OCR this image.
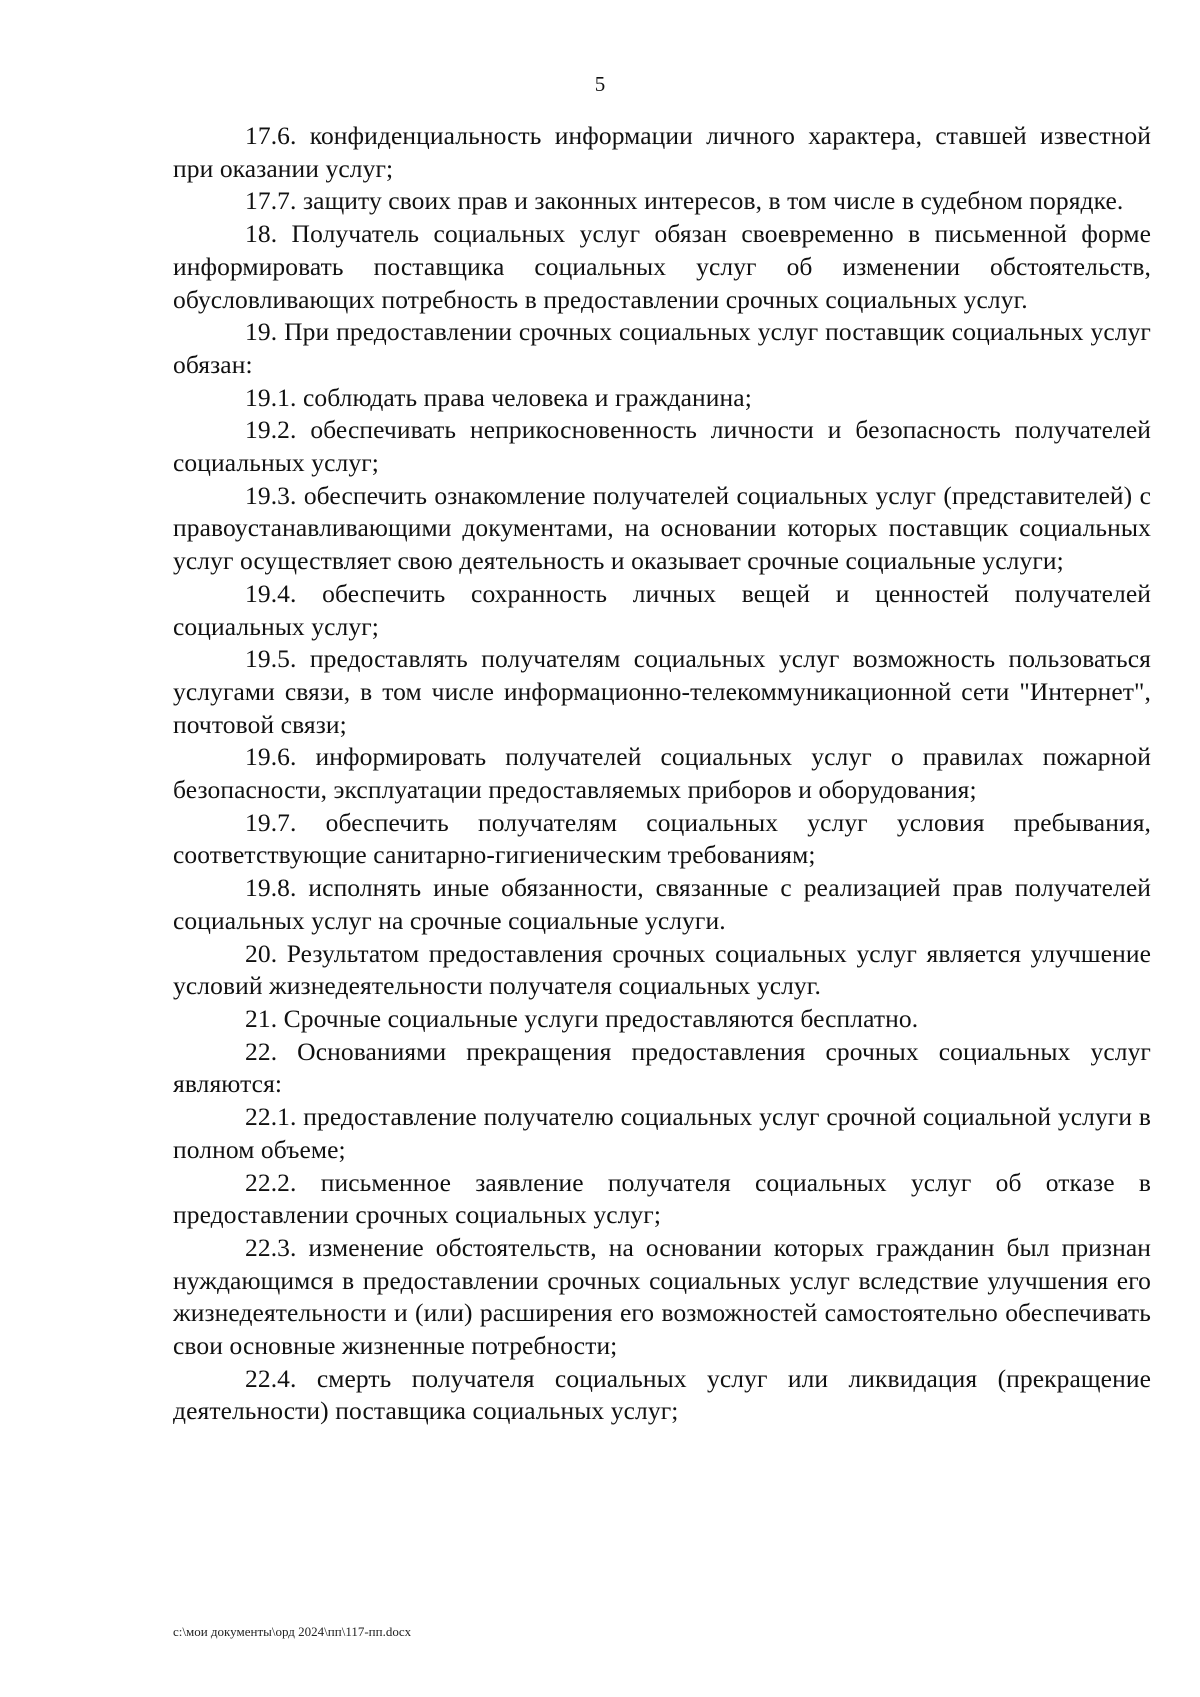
5

17.6. конфиденциальность информации личного характера, ставшей известной при оказании услуг;

17.7. защиту своих прав и законных интересов, в том числе в судебном порядке.

18. Получатель социальных услуг обязан своевременно в письменной форме информировать поставщика социальных услуг об изменении обстоятельств, обусловливающих потребность в предоставлении срочных социальных услуг.

19. При предоставлении срочных социальных услуг поставщик социальных услуг обязан:

19.1. соблюдать права человека и гражданина;

19.2. обеспечивать неприкосновенность личности и безопасность получателей социальных услуг;

19.3. обеспечить ознакомление получателей социальных услуг (представителей) с правоустанавливающими документами, на основании которых поставщик социальных услуг осуществляет свою деятельность и оказывает срочные социальные услуги;

19.4. обеспечить сохранность личных вещей и ценностей получателей социальных услуг;

19.5. предоставлять получателям социальных услуг возможность пользоваться услугами связи, в том числе информационно-телекоммуникационной сети "Интернет", почтовой связи;

19.6. информировать получателей социальных услуг о правилах пожарной безопасности, эксплуатации предоставляемых приборов и оборудования;

19.7. обеспечить получателям социальных услуг условия пребывания, соответствующие санитарно-гигиеническим требованиям;

19.8. исполнять иные обязанности, связанные с реализацией прав получателей социальных услуг на срочные социальные услуги.

20. Результатом предоставления срочных социальных услуг является улучшение условий жизнедеятельности получателя социальных услуг.

21. Срочные социальные услуги предоставляются бесплатно.

22. Основаниями прекращения предоставления срочных социальных услуг являются:

22.1. предоставление получателю социальных услуг срочной социальной услуги в полном объеме;

22.2. письменное заявление получателя социальных услуг об отказе в предоставлении срочных социальных услуг;

22.3. изменение обстоятельств, на основании которых гражданин был признан нуждающимся в предоставлении срочных социальных услуг вследствие улучшения его жизнедеятельности и (или) расширения его возможностей самостоятельно обеспечивать свои основные жизненные потребности;

22.4. смерть получателя социальных услуг или ликвидация (прекращение деятельности) поставщика социальных услуг;

c:\мои документы\орд 2024\пп\117-пп.docx
